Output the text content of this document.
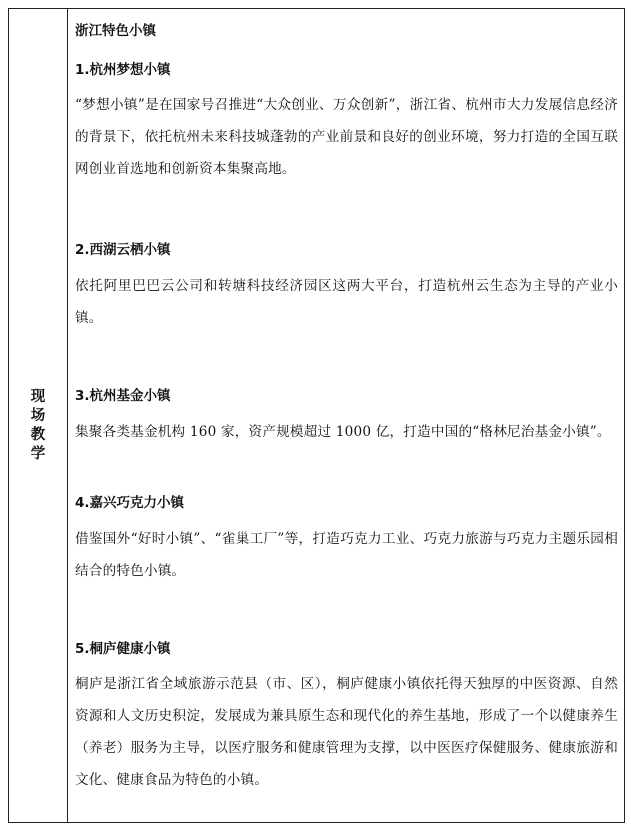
现场教学
浙江特色小镇
1.杭州梦想小镇
“梦想小镇”是在国家号召推进“大众创业、万众创新”，浙江省、杭州市大力发展信息经济的背景下，依托杭州未来科技城蓬勃的产业前景和良好的创业环境，努力打造的全国互联网创业首选地和创新资本集聚高地。
2.西湖云栖小镇
依托阿里巴巴云公司和转塘科技经济园区这两大平台，打造杭州云生态为主导的产业小镇。
3.杭州基金小镇
集聚各类基金机构 160 家，资产规模超过 1000 亿，打造中国的“格林尼治基金小镇”。
4.嘉兴巧克力小镇
借鉴国外“好时小镇”、“雀巢工厂”等，打造巧克力工业、巧克力旅游与巧克力主题乐园相结合的特色小镇。
5.桐庐健康小镇
桐庐是浙江省全域旅游示范县（市、区），桐庐健康小镇依托得天独厚的中医资源、自然资源和人文历史积淀，发展成为兼具原生态和现代化的养生基地，形成了一个以健康养生（养老）服务为主导，以医疗服务和健康管理为支撑，以中医医疗保健服务、健康旅游和文化、健康食品为特色的小镇。
